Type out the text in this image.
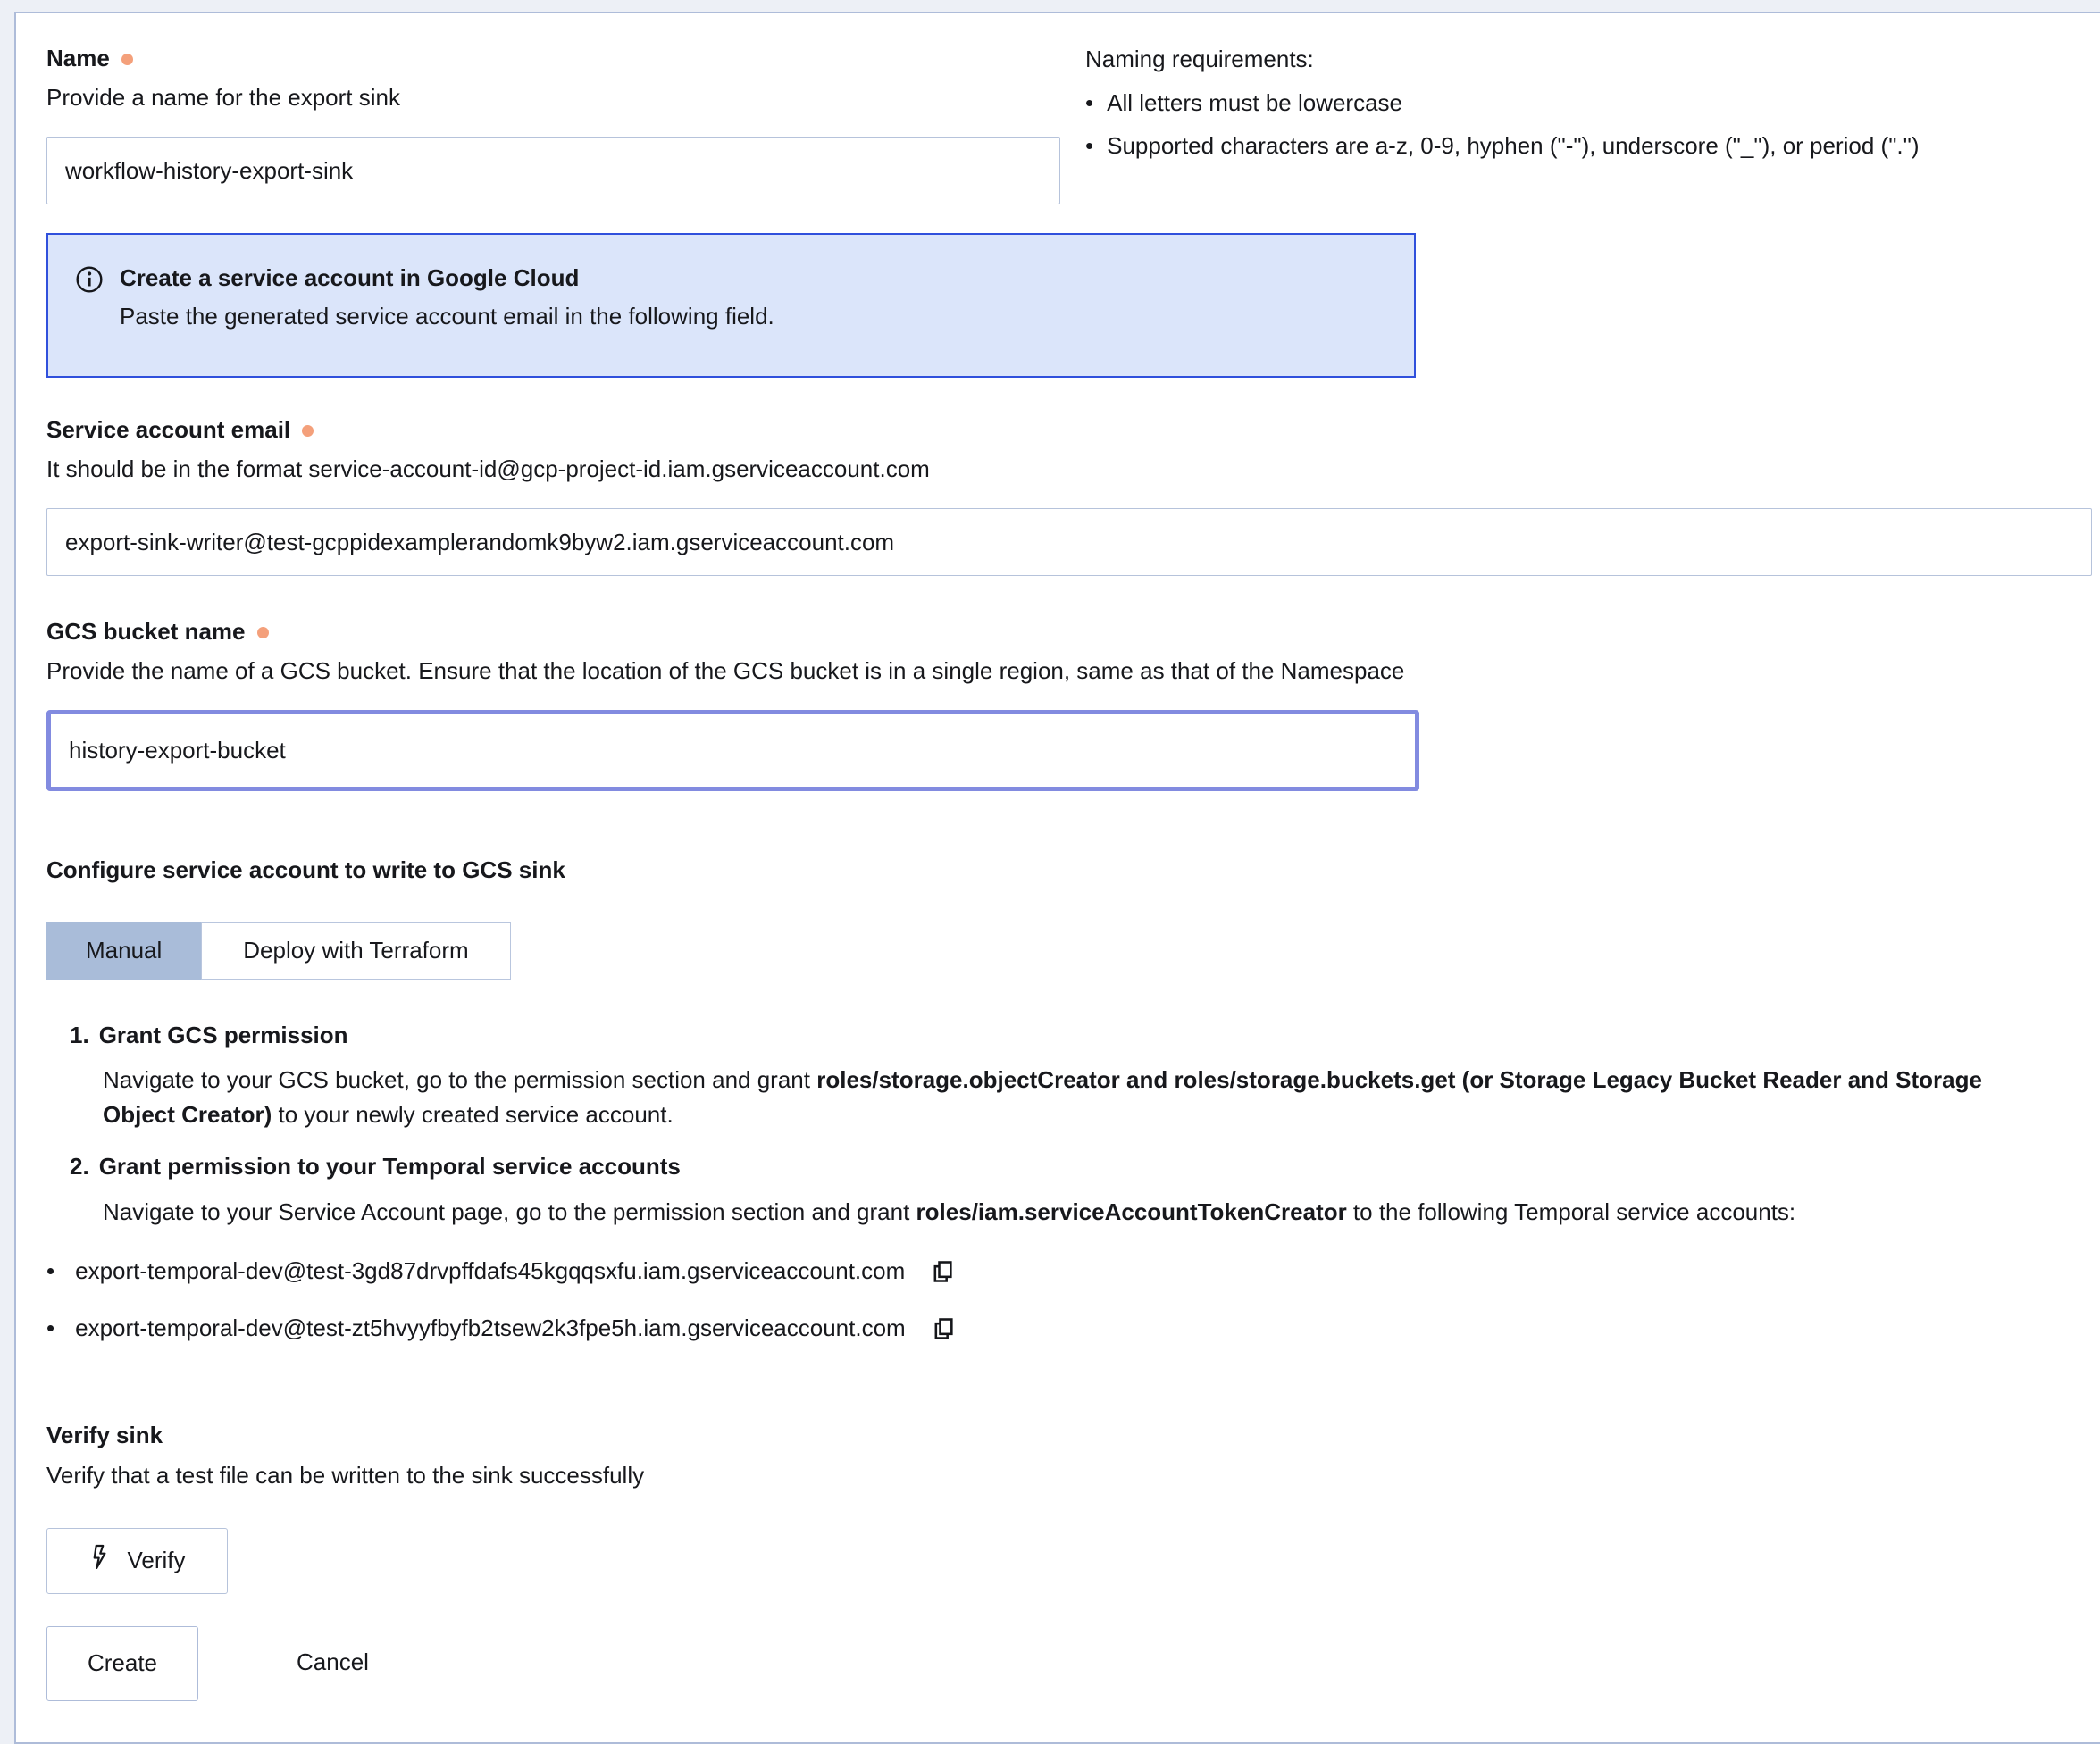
Name
Provide a name for the export sink
workflow-history-export-sink
Naming requirements:
•
All letters must be lowercase
•
Supported characters are a-z, 0-9, hyphen ("-"), underscore ("_"), or period (".")
Create a service account in Google Cloud
Paste the generated service account email in the following field.
Service account email
It should be in the format service-account-id@gcp-project-id.iam.gserviceaccount.com
export-sink-writer@test-gcppidexamplerandomk9byw2.iam.gserviceaccount.com
GCS bucket name
Provide the name of a GCS bucket. Ensure that the location of the GCS bucket is in a single region, same as that of the Namespace
history-export-bucket
Configure service account to write to GCS sink
Manual	Deploy with Terraform
1. Grant GCS permission
Navigate to your GCS bucket, go to the permission section and grant roles/storage.objectCreator and roles/storage.buckets.get (or Storage Legacy Bucket Reader and Storage Object Creator) to your newly created service account.
2. Grant permission to your Temporal service accounts
Navigate to your Service Account page, go to the permission section and grant roles/iam.serviceAccountTokenCreator to the following Temporal service accounts:
•
export-temporal-dev@test-3gd87drvpffdafs45kgqqsxfu.iam.gserviceaccount.com
•
export-temporal-dev@test-zt5hvyyfbyfb2tsew2k3fpe5h.iam.gserviceaccount.com
Verify sink
Verify that a test file can be written to the sink successfully
Verify
Create	Cancel
